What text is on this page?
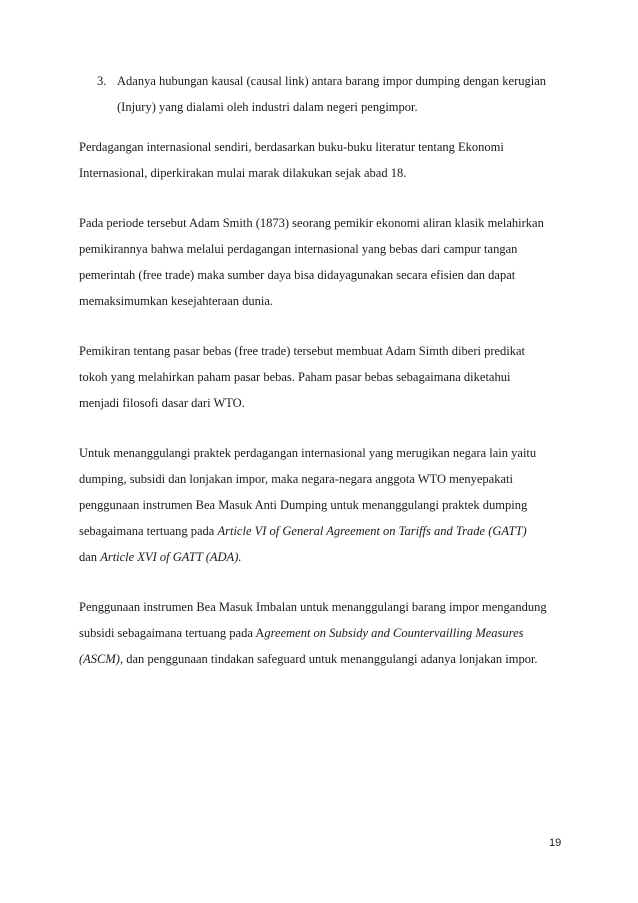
3. Adanya hubungan kausal (causal link) antara barang impor dumping dengan kerugian
(Injury) yang dialami oleh industri dalam negeri pengimpor.

Perdagangan internasional sendiri, berdasarkan buku-buku literatur tentang Ekonomi

Internasional, diperkirakan mulai marak dilakukan sejak abad 18.

Pada periode tersebut Adam Smith (1873) seorang pemikir ekonomi aliran klasik melahirkan

pemikirannya bahwa melalui perdagangan internasional yang bebas dari campur tangan

pemerintah (free trade) maka sumber daya bisa didayagunakan secara efisien dan dapat

memaksimumkan kesejahteraan dunia.

Pemikiran tentang pasar bebas (free trade) tersebut membuat Adam Simth diberi predikat

tokoh yang melahirkan paham pasar bebas. Paham pasar bebas sebagaimana diketahui

menjadi filosofi dasar dari WTO.

Untuk menanggulangi praktek perdagangan internasional yang merugikan negara lain yaitu

dumping, subsidi dan lonjakan impor, maka negara-negara anggota WTO menyepakati

penggunaan instrumen Bea Masuk Anti Dumping untuk menanggulangi praktek dumping

sebagaimana tertuang pada Article VI of General Agreement on Tariffs and Trade (GATT)

dan Article XVI of GATT (ADA).

Penggunaan instrumen Bea Masuk Imbalan untuk menanggulangi barang impor mengandung

subsidi sebagaimana tertuang pada Agreement on Subsidy and Countervailling Measures

(ASCM), dan penggunaan tindakan safeguard untuk menanggulangi adanya lonjakan impor.

19
